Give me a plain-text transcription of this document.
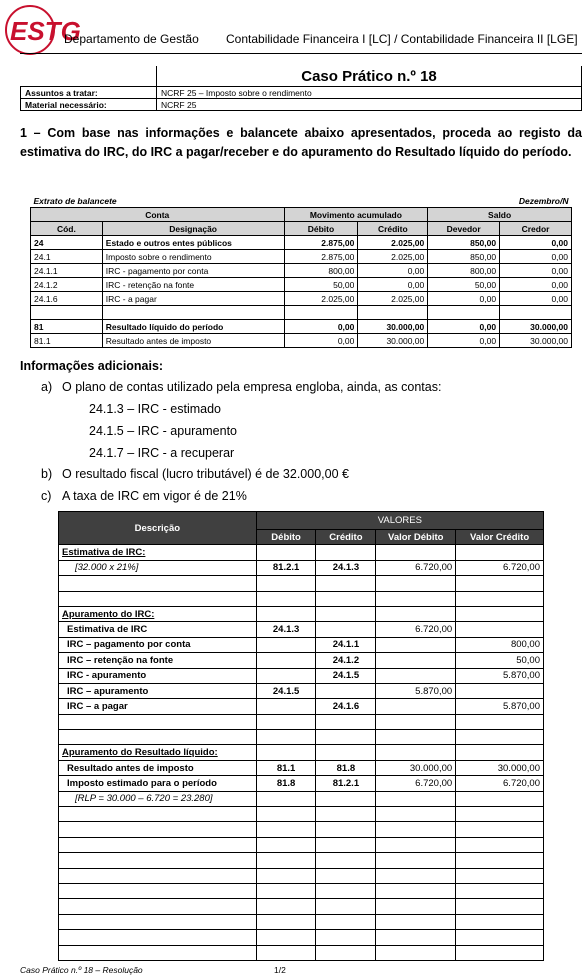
ESTG
Departamento de Gestão Contabilidade Financeira I [LC] / Contabilidade Financeira II [LGE]
	Caso Prático n.º 18
Assuntos a tratar:	NCRF 25 – Imposto sobre o rendimento
Material necessário:	NCRF 25
1 – Com base nas informações e balancete abaixo apresentados, proceda ao registo da estimativa do IRC, do IRC a pagar/receber e do apuramento do Resultado líquido do período.
Extrato de balancete			Dezembro/N		
Conta		Movimento acumulado		Saldo	
Cód.	Designação	Débito	Crédito	Devedor	Credor
24	Estado e outros entes públicos	2.875,00	2.025,00	850,00	0,00
24.1	Imposto sobre o rendimento	2.875,00	2.025,00	850,00	0,00
24.1.1	IRC - pagamento por conta	800,00	0,00	800,00	0,00
24.1.2	IRC - retenção na fonte	50,00	0,00	50,00	0,00
24.1.6	IRC - a pagar	2.025,00	2.025,00	0,00	0,00

81	Resultado líquido do período	0,00	30.000,00	0,00	30.000,00
81.1	Resultado antes de imposto	0,00	30.000,00	0,00	30.000,00
Informações adicionais:
a) O plano de contas utilizado pela empresa engloba, ainda, as contas:
24.1.3 – IRC - estimado
24.1.5 – IRC - apuramento
24.1.7 – IRC - a recuperar
b) O resultado fiscal (lucro tributável) é de 32.000,00 €
c) A taxa de IRC em vigor é de 21%
Descrição	VALORES			
	Débito	Crédito	Valor Débito	Valor Crédito
Estimativa de IRC:				
[32.000 x 21%]	81.2.1	24.1.3	6.720,00	6.720,00

Apuramento do IRC:				
Estimativa de IRC	24.1.3		6.720,00	
IRC – pagamento por conta		24.1.1		800,00
IRC – retenção na fonte		24.1.2		50,00
IRC - apuramento		24.1.5		5.870,00
IRC – apuramento	24.1.5		5.870,00	
IRC – a pagar		24.1.6		5.870,00

Apuramento do Resultado líquido:				
Resultado antes de imposto	81.1	81.8	30.000,00	30.000,00
Imposto estimado para o período	81.8	81.2.1	6.720,00	6.720,00
[RLP = 30.000 – 6.720 = 23.280]				

Caso Prático n.º 18 – Resolução	1/2
